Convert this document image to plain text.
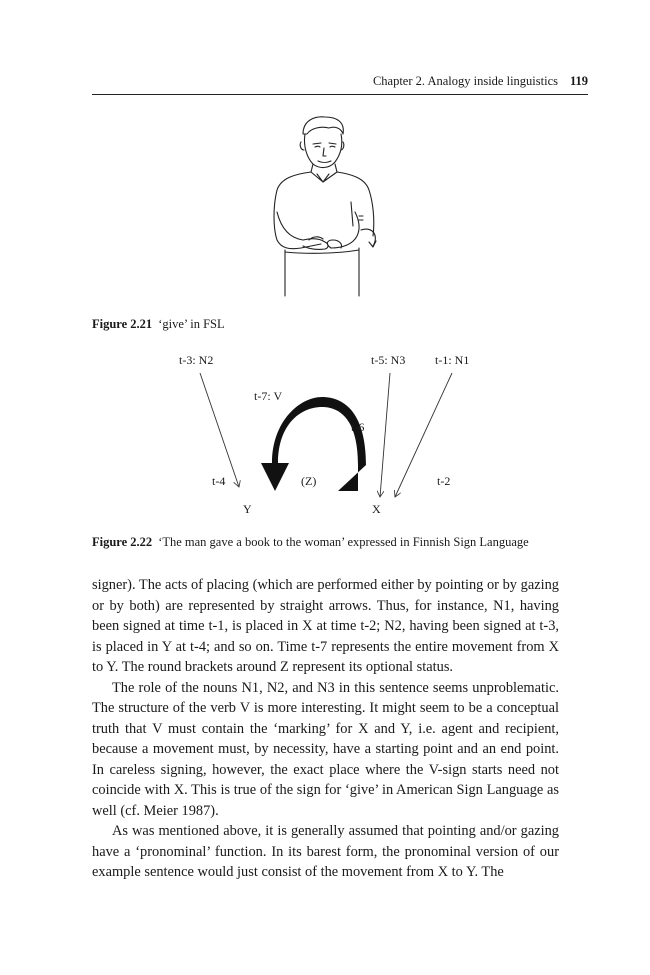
Chapter 2. Analogy inside linguistics 119
Figure 2.21 ‘give’ in FSL
t-3: N2	t-5: N3 t-1: N1
t-7: V
t-6
t-4	(Z)	t-2
Y	X
Figure 2.22 ‘The man gave a book to the woman’ expressed in Finnish Sign Language

signer). The acts of placing (which are performed either by pointing or by gazing or by both) are represented by straight arrows. Thus, for instance, N1, having been signed at time t-1, is placed in X at time t-2; N2, having been signed at t-3, is placed in Y at t-4; and so on. Time t-7 represents the entire movement from X to Y. The round brackets around Z represent its optional status.

The role of the nouns N1, N2, and N3 in this sentence seems unproblematic. The structure of the verb V is more interesting. It might seem to be a conceptual truth that V must contain the ‘marking’ for X and Y, i.e. agent and recipient, because a movement must, by necessity, have a starting point and an end point. In careless signing, however, the exact place where the V-sign starts need not coincide with X. This is true of the sign for ‘give’ in American Sign Language as well (cf. Meier 1987).

As was mentioned above, it is generally assumed that pointing and/or gazing have a ‘pronominal’ function. In its barest form, the pronominal version of our example sentence would just consist of the movement from X to Y. The
